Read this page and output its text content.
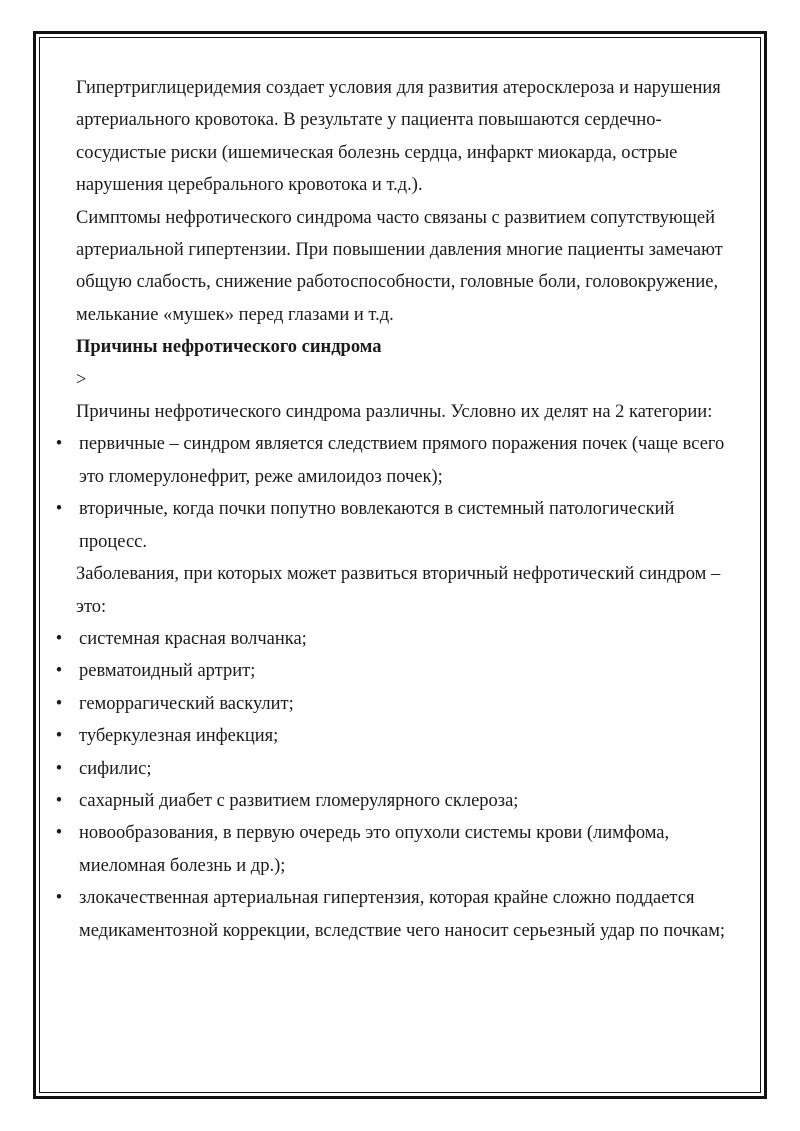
Гипертриглицеридемия создает условия для развития атеросклероза и нарушения артериального кровотока. В результате у пациента повышаются сердечно-сосудистые риски (ишемическая болезнь сердца, инфаркт миокарда, острые нарушения церебрального кровотока и т.д.).

Симптомы нефротического синдрома часто связаны с развитием сопутствующей артериальной гипертензии. При повышении давления многие пациенты замечают общую слабость, снижение работоспособности, головные боли, головокружение, мелькание «мушек» перед глазами и т.д.

Причины нефротического синдрома

>

Причины нефротического синдрома различны. Условно их делят на 2 категории:

• первичные – синдром является следствием прямого поражения почек (чаще всего это гломерулонефрит, реже амилоидоз почек);
• вторичные, когда почки попутно вовлекаются в системный патологический процесс.

Заболевания, при которых может развиться вторичный нефротический синдром – это:

• системная красная волчанка;
• ревматоидный артрит;
• геморрагический васкулит;
• туберкулезная инфекция;
• сифилис;
• сахарный диабет с развитием гломерулярного склероза;
• новообразования, в первую очередь это опухоли системы крови (лимфома, миеломная болезнь и др.);
• злокачественная артериальная гипертензия, которая крайне сложно поддается медикаментозной коррекции, вследствие чего наносит серьезный удар по почкам;
